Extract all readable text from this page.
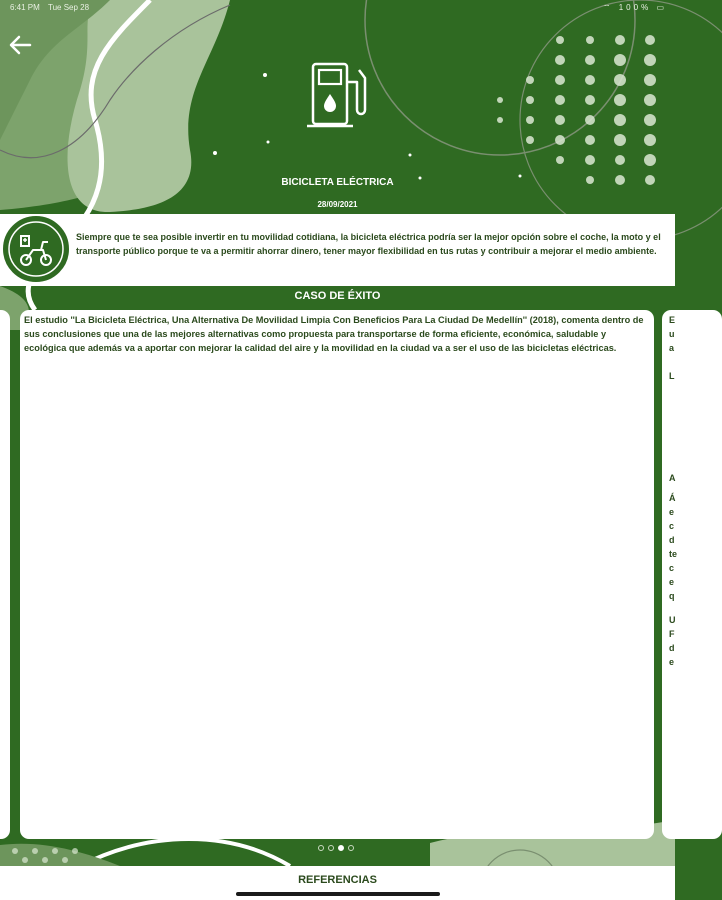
6:41 PM Tue Sep 28	⌔ 100% ▭
BICICLETA ELÉCTRICA
28/09/2021
Siempre que te sea posible invertir en tu movilidad cotidiana, la bicicleta eléctrica podría ser la mejor opción sobre el coche, la moto y el transporte público porque te va a permitir ahorrar dinero, tener mayor flexibilidad en tus rutas y contribuir a mejorar el medio ambiente.
CASO DE ÉXITO

El estudio ''La Bicicleta Eléctrica, Una Alternativa De Movilidad Limpia Con Beneficios Para La Ciudad De Medellín'' (2018), comenta dentro de sus conclusiones que una de las mejores alternativas como propuesta para transportarse de forma eficiente, económica, saludable y ecológica que además va a aportar con mejorar la calidad del aire y la movilidad en la ciudad va a ser el uso de las bicicletas eléctricas.

E
u
a
L
A
Á
e
c
d
te
c
e
q
U
F
d
e
REFERENCIAS
